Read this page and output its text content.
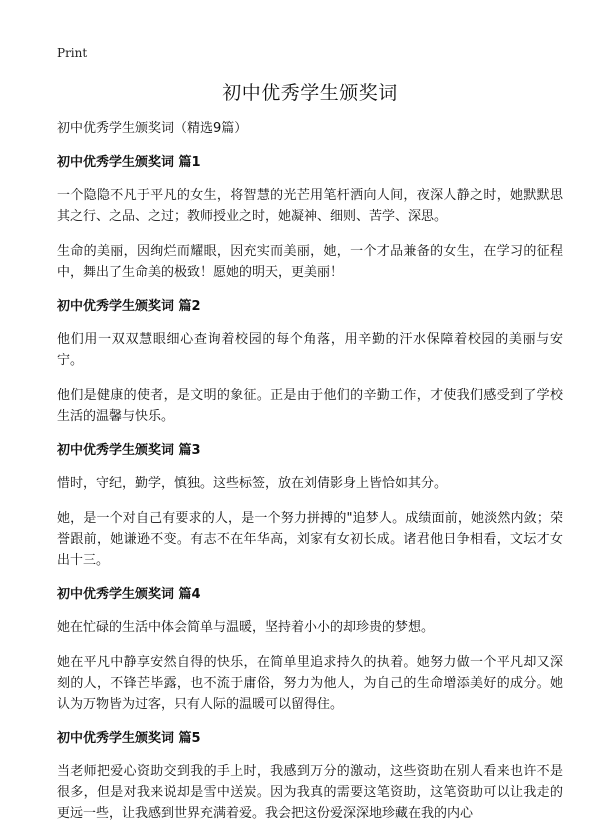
Print
初中优秀学生颁奖词
初中优秀学生颁奖词（精选9篇）
初中优秀学生颁奖词 篇1

一个隐隐不凡于平凡的女生，将智慧的光芒用笔杆洒向人间，夜深人静之时，她默默思其之行、之品、之过；教师授业之时，她凝神、细则、苦学、深思。

生命的美丽，因绚烂而耀眼，因充实而美丽，她，一个才品兼备的女生，在学习的征程中，舞出了生命美的极致！愿她的明天，更美丽！

初中优秀学生颁奖词 篇2

他们用一双双慧眼细心查询着校园的每个角落，用辛勤的汗水保障着校园的美丽与安宁。

他们是健康的使者，是文明的象征。正是由于他们的辛勤工作，才使我们感受到了学校生活的温馨与快乐。

初中优秀学生颁奖词 篇3

惜时，守纪，勤学，慎独。这些标签，放在刘倩影身上皆恰如其分。

她，是一个对自己有要求的人，是一个努力拼搏的"追梦人。成绩面前，她淡然内敛；荣誉跟前，她谦逊不变。有志不在年华高，刘家有女初长成。诸君他日争相看，文坛才女出十三。

初中优秀学生颁奖词 篇4

她在忙碌的生活中体会简单与温暖，坚持着小小的却珍贵的梦想。

她在平凡中静享安然自得的快乐，在简单里追求持久的执着。她努力做一个平凡却又深刻的人，不锋芒毕露，也不流于庸俗，努力为他人，为自己的生命增添美好的成分。她认为万物皆为过客，只有人际的温暖可以留得住。

初中优秀学生颁奖词 篇5

当老师把爱心资助交到我的手上时，我感到万分的激动，这些资助在别人看来也许不是很多，但是对我来说却是雪中送炭。因为我真的需要这笔资助，这笔资助可以让我走的更远一些，让我感到世界充满着爱。我会把这份爱深深地珍藏在我的内心
